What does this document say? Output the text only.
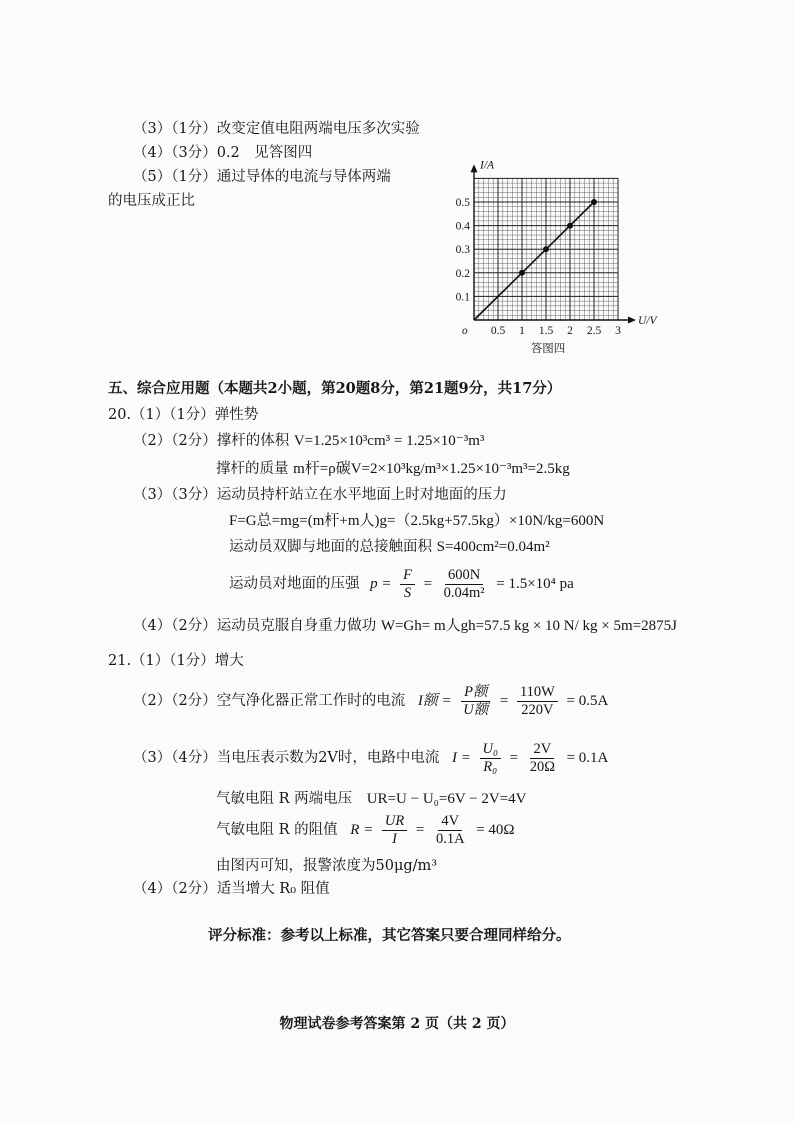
（3）（1分）改变定值电阻两端电压多次实验
（4）（3分）0.2　见答图四
（5）（1分）通过导体的电流与导体两端
的电压成正比
0.5 1 1.5 2 2.5 3
0.1
0.2
0.3
0.4
0.5
I/A
U/V
o
答图四
五、综合应用题（本题共2小题，第20题8分，第21题9分，共17分）
20.（1）（1分）弹性势
（2）（2分）撑杆的体积 V=1.25×10³cm³ = 1.25×10⁻³m³
撑杆的质量 m杆=ρ碳V=2×10³kg/m³×1.25×10⁻³m³=2.5kg
（3）（3分）运动员持杆站立在水平地面上时对地面的压力
F=G总=mg=(m杆+m人)g=（2.5kg+57.5kg）×10N/kg=600N
运动员双脚与地面的总接触面积 S=400cm²=0.04m²
运动员对地面的压强 $p = \frac{F}{S} = \frac{600N}{\text{0.04m²}} = 1.5\times 10^4$ pa
（4）（2分）运动员克服自身重力做功 W=Gh= m人gh=57.5 kg × 10 N/ kg × 5m=2875J
21.（1）（1分）增大
（2）（2分）空气净化器正常工作时的电流 I额 = $\frac{\text{P额}}{\text{U额}} = \frac{110W}{220V} = 0.5A$
（3）（4分）当电压表示数为2V时，电路中电流 $I = \frac{\text{U₀}}{\text{R₀}} = \frac{2V}{20\Omega} = 0.1A$
气敏电阻 R 两端电压 UR=U − U₀=6V − 2V=4V
气敏电阻 R 的阻值 $R = \frac{UR}{I} = \frac{4V}{0.1A} = 40\Omega$
由图丙可知，报警浓度为50μg/m³
（4）（2分）适当增大 R₀ 阻值
评分标准：参考以上标准，其它答案只要合理同样给分。
物理试卷参考答案第 2 页（共 2 页）
